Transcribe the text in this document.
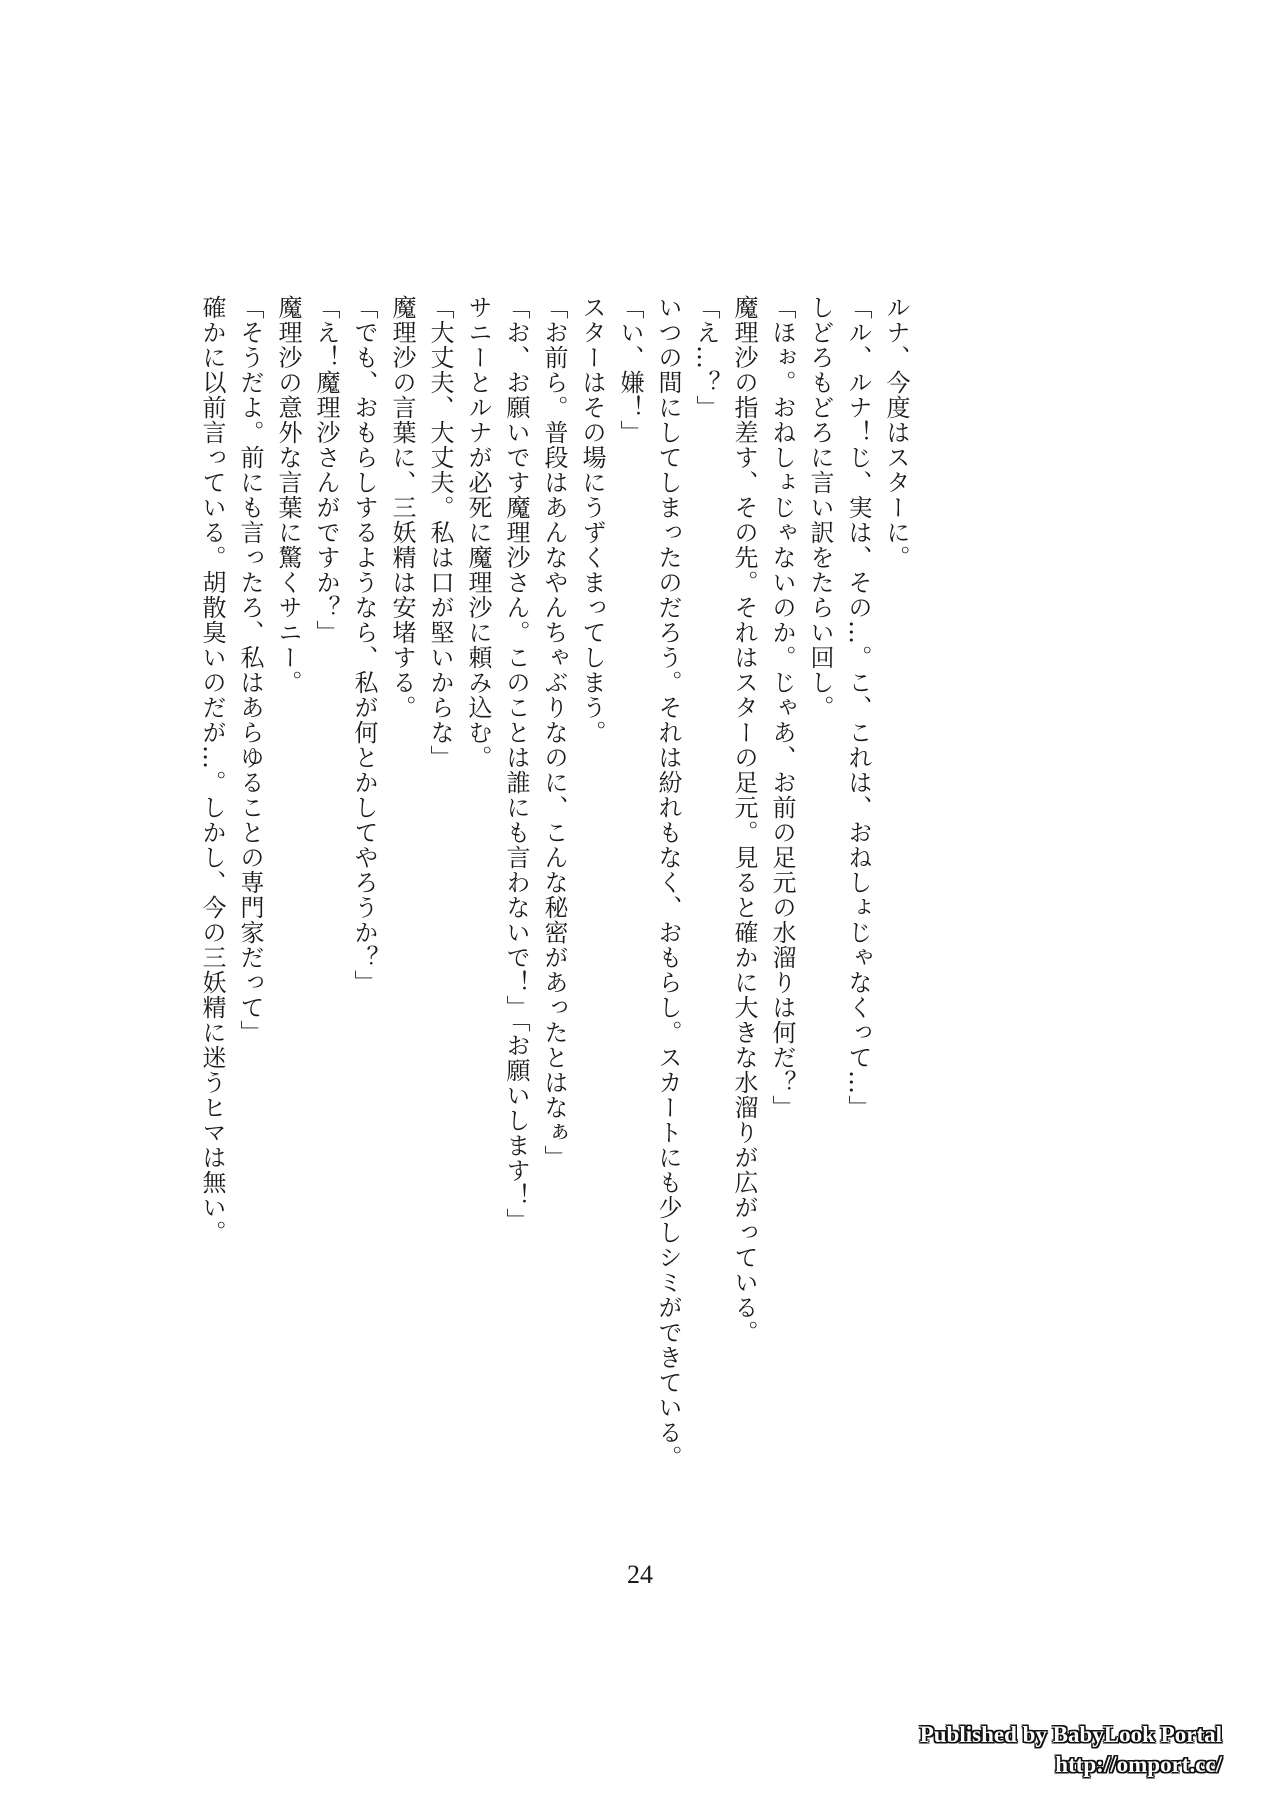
ルナ、今度はスターに。
「ル、ルナ！じ、実は、その…。こ、これは、おねしょじゃなくって…」
しどろもどろに言い訳をたらい回し。
「ほぉ。おねしょじゃないのか。じゃあ、お前の足元の水溜りは何だ？」
魔理沙の指差す、その先。それはスターの足元。見ると確かに大きな水溜りが広がっている。
「え…？」
いつの間にしてしまったのだろう。それは紛れもなく、おもらし。スカートにも少しシミができている。
「い、嫌！」
スターはその場にうずくまってしまう。
「お前ら。普段はあんなやんちゃぶりなのに、こんな秘密があったとはなぁ」
「お、お願いです魔理沙さん。このことは誰にも言わないで！」「お願いします！」
サニーとルナが必死に魔理沙に頼み込む。
「大丈夫、大丈夫。私は口が堅いからな」
魔理沙の言葉に、三妖精は安堵する。
「でも、おもらしするようなら、私が何とかしてやろうか？」
「え！魔理沙さんがですか？」
魔理沙の意外な言葉に驚くサニー。
「そうだよ。前にも言ったろ、私はあらゆることの専門家だって」
確かに以前言っている。胡散臭いのだが…。しかし、今の三妖精に迷うヒマは無い。
24
Published by BabyLook Portal
http://omport.cc/
